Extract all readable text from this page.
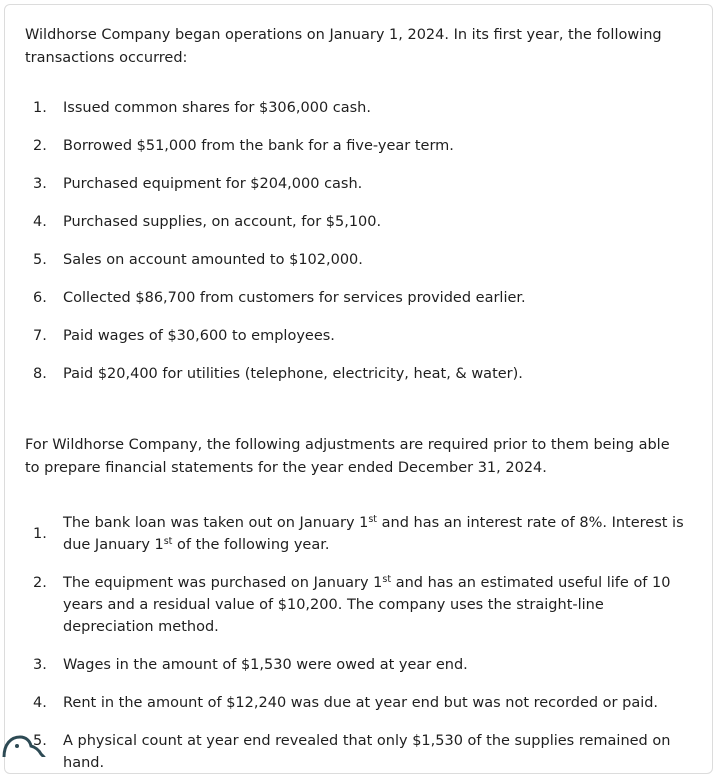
Wildhorse Company began operations on January 1, 2024. In its first year, the following transactions occurred:

1. Issued common shares for $306,000 cash.
2. Borrowed $51,000 from the bank for a five-year term.
3. Purchased equipment for $204,000 cash.
4. Purchased supplies, on account, for $5,100.
5. Sales on account amounted to $102,000.
6. Collected $86,700 from customers for services provided earlier.
7. Paid wages of $30,600 to employees.
8. Paid $20,400 for utilities (telephone, electricity, heat, & water).

For Wildhorse Company, the following adjustments are required prior to them being able to prepare financial statements for the year ended December 31, 2024.

1.
The bank loan was taken out on January 1st and has an interest rate of 8%. Interest is due January 1st of the following year.
2. The equipment was purchased on January 1st and has an estimated useful life of 10 years and a residual value of $10,200. The company uses the straight-line depreciation method.
3. Wages in the amount of $1,530 were owed at year end.
4. Rent in the amount of $12,240 was due at year end but was not recorded or paid.
5. A physical count at year end revealed that only $1,530 of the supplies remained on hand.
